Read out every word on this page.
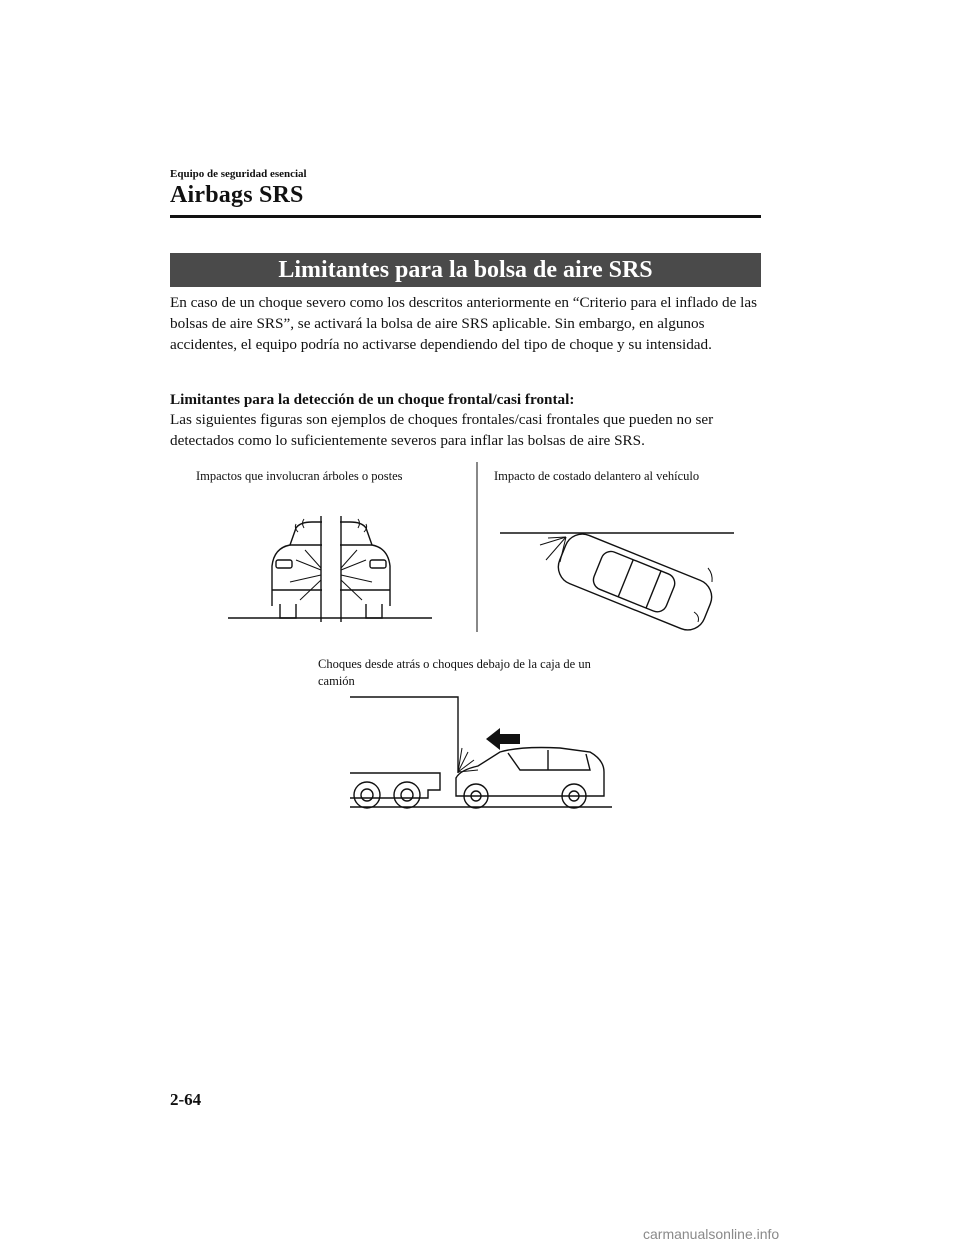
Equipo de seguridad esencial
Airbags SRS
Limitantes para la bolsa de aire SRS
En caso de un choque severo como los descritos anteriormente en “Criterio para el inflado de las bolsas de aire SRS”, se activará la bolsa de aire SRS aplicable. Sin embargo, en algunos accidentes, el equipo podría no activarse dependiendo del tipo de choque y su intensidad.
Limitantes para la detección de un choque frontal/casi frontal:
Las siguientes figuras son ejemplos de choques frontales/casi frontales que pueden no ser detectados como lo suficientemente severos para inflar las bolsas de aire SRS.
Impactos que involucran árboles o postes	Impacto de costado delantero al vehículo
Choques desde atrás o choques debajo de la caja de un camión
2-64
carmanualsonline.info
